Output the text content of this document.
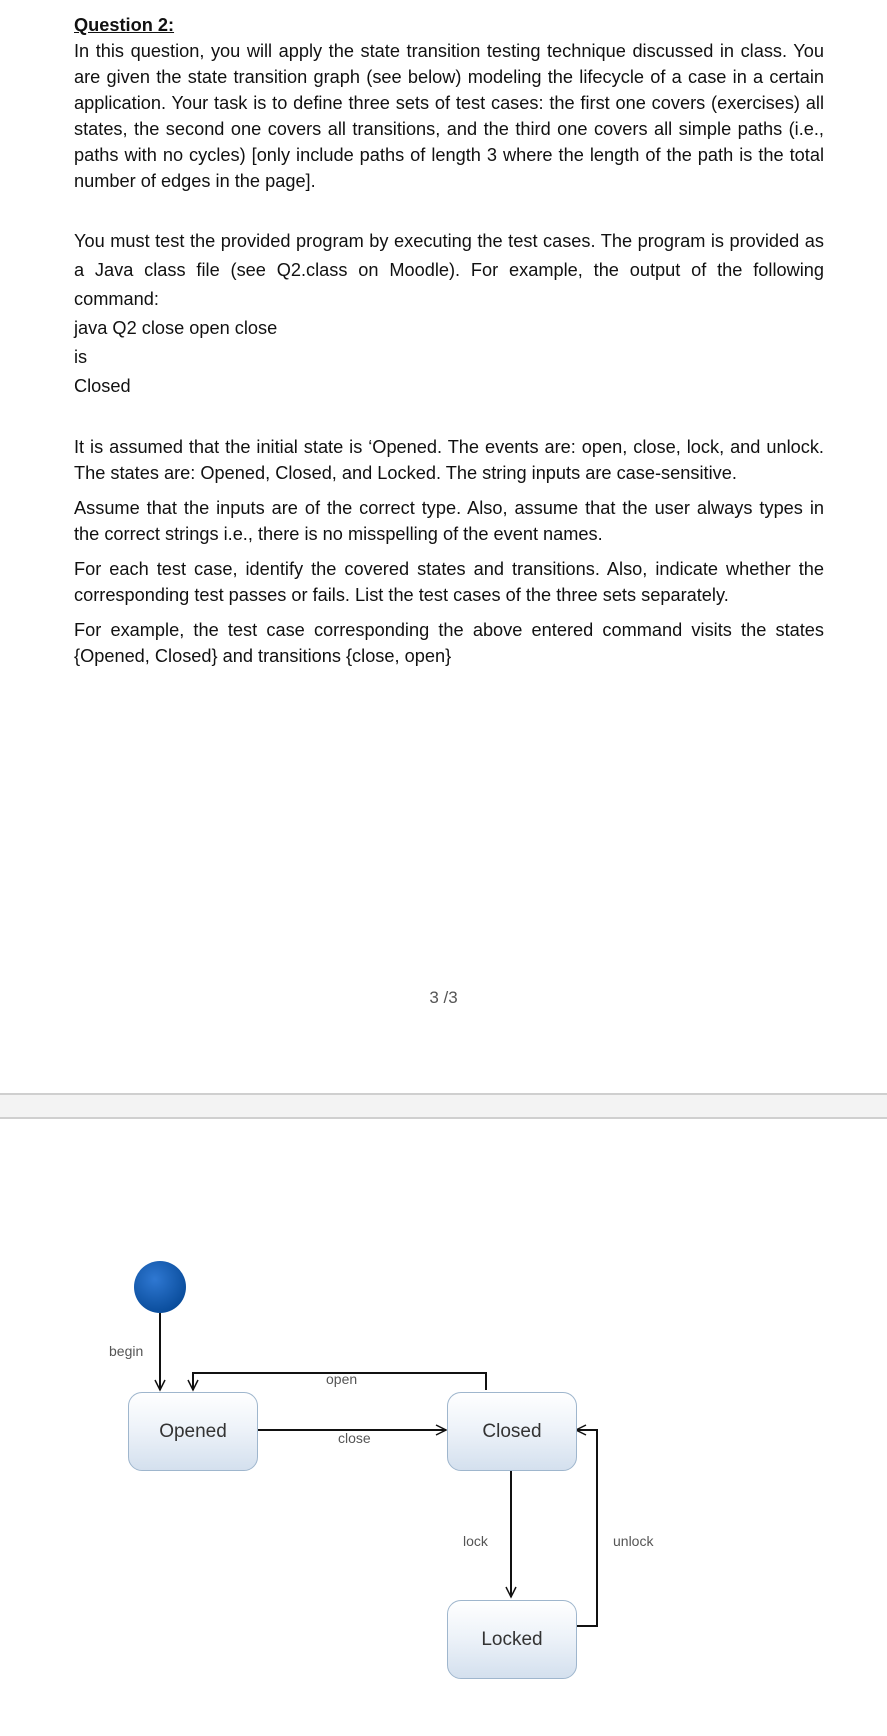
Question 2:

In this question, you will apply the state transition testing technique discussed in class. You are given the state transition graph (see below) modeling the lifecycle of a case in a certain application. Your task is to define three sets of test cases: the first one covers (exercises) all states, the second one covers all transitions, and the third one covers all simple paths (i.e., paths with no cycles) [only include paths of length 3 where the length of the path is the total number of edges in the page].

You must test the provided program by executing the test cases. The program is provided as a Java class file (see Q2.class on Moodle). For example, the output of the following command:

java Q2 close open close

is

Closed

It is assumed that the initial state is ‘Opened. The events are: open, close, lock, and unlock. The states are: Opened, Closed, and Locked. The string inputs are case-sensitive.

Assume that the inputs are of the correct type. Also, assume that the user always types in the correct strings i.e., there is no misspelling of the event names.

For each test case, identify the covered states and transitions. Also, indicate whether the corresponding test passes or fails. List the test cases of the three sets separately.

For example, the test case corresponding the above entered command visits the states {Opened, Closed} and transitions {close, open}

3 /3
Opened	Closed
Locked
begin
open
close
lock	unlock
